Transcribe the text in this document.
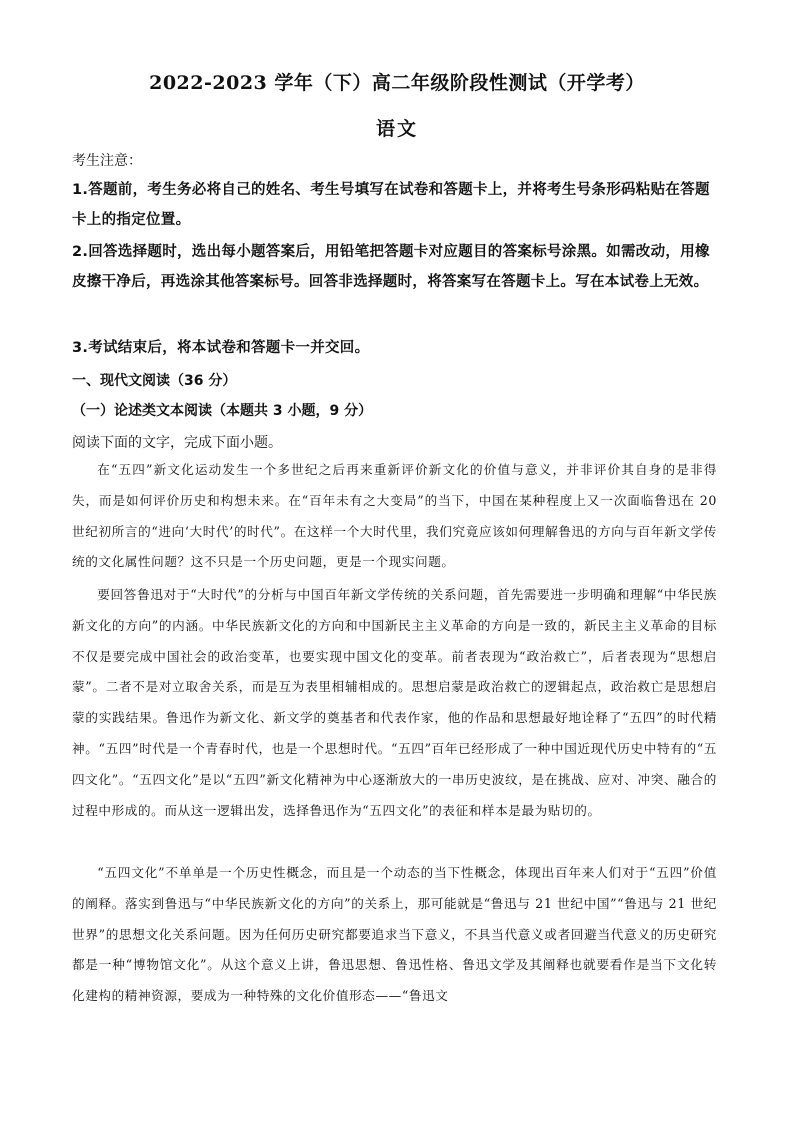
2022-2023 学年（下）高二年级阶段性测试（开学考）
语文
考生注意：
1.答题前，考生务必将自己的姓名、考生号填写在试卷和答题卡上，并将考生号条形码粘贴在答题卡上的指定位置。
2.回答选择题时，选出每小题答案后，用铅笔把答题卡对应题目的答案标号涂黑。如需改动，用橡皮擦干净后，再选涂其他答案标号。回答非选择题时，将答案写在答题卡上。写在本试卷上无效。
3.考试结束后，将本试卷和答题卡一并交回。
一、现代文阅读（36 分）
（一）论述类文本阅读（本题共 3 小题，9 分）
阅读下面的文字，完成下面小题。
在“五四”新文化运动发生一个多世纪之后再来重新评价新文化的价值与意义，并非评价其自身的是非得失，而是如何评价历史和构想未来。在“百年未有之大变局”的当下，中国在某种程度上又一次面临鲁迅在 20 世纪初所言的“进向‘大时代’的时代”。在这样一个大时代里，我们究竟应该如何理解鲁迅的方向与百年新文学传统的文化属性问题？这不只是一个历史问题，更是一个现实问题。
要回答鲁迅对于“大时代”的分析与中国百年新文学传统的关系问题，首先需要进一步明确和理解“中华民族新文化的方向”的内涵。中华民族新文化的方向和中国新民主主义革命的方向是一致的，新民主主义革命的目标不仅是要完成中国社会的政治变革，也要实现中国文化的变革。前者表现为“政治救亡”，后者表现为“思想启蒙”。二者不是对立取舍关系，而是互为表里相辅相成的。思想启蒙是政治救亡的逻辑起点，政治救亡是思想启蒙的实践结果。鲁迅作为新文化、新文学的奠基者和代表作家，他的作品和思想最好地诠释了“五四”的时代精神。“五四”时代是一个青春时代，也是一个思想时代。“五四”百年已经形成了一种中国近现代历史中特有的“五四文化”。“五四文化”是以“五四”新文化精神为中心逐渐放大的一串历史波纹，是在挑战、应对、冲突、融合的过程中形成的。而从这一逻辑出发，选择鲁迅作为“五四文化”的表征和样本是最为贴切的。
“五四文化”不单单是一个历史性概念，而且是一个动态的当下性概念，体现出百年来人们对于“五四”价值的阐释。落实到鲁迅与“中华民族新文化的方向”的关系上，那可能就是“鲁迅与 21 世纪中国”“鲁迅与 21 世纪世界”的思想文化关系问题。因为任何历史研究都要追求当下意义，不具当代意义或者回避当代意义的历史研究都是一种“博物馆文化”。从这个意义上讲，鲁迅思想、鲁迅性格、鲁迅文学及其阐释也就要看作是当下文化转化建构的精神资源，要成为一种特殊的文化价值形态——“鲁迅文
